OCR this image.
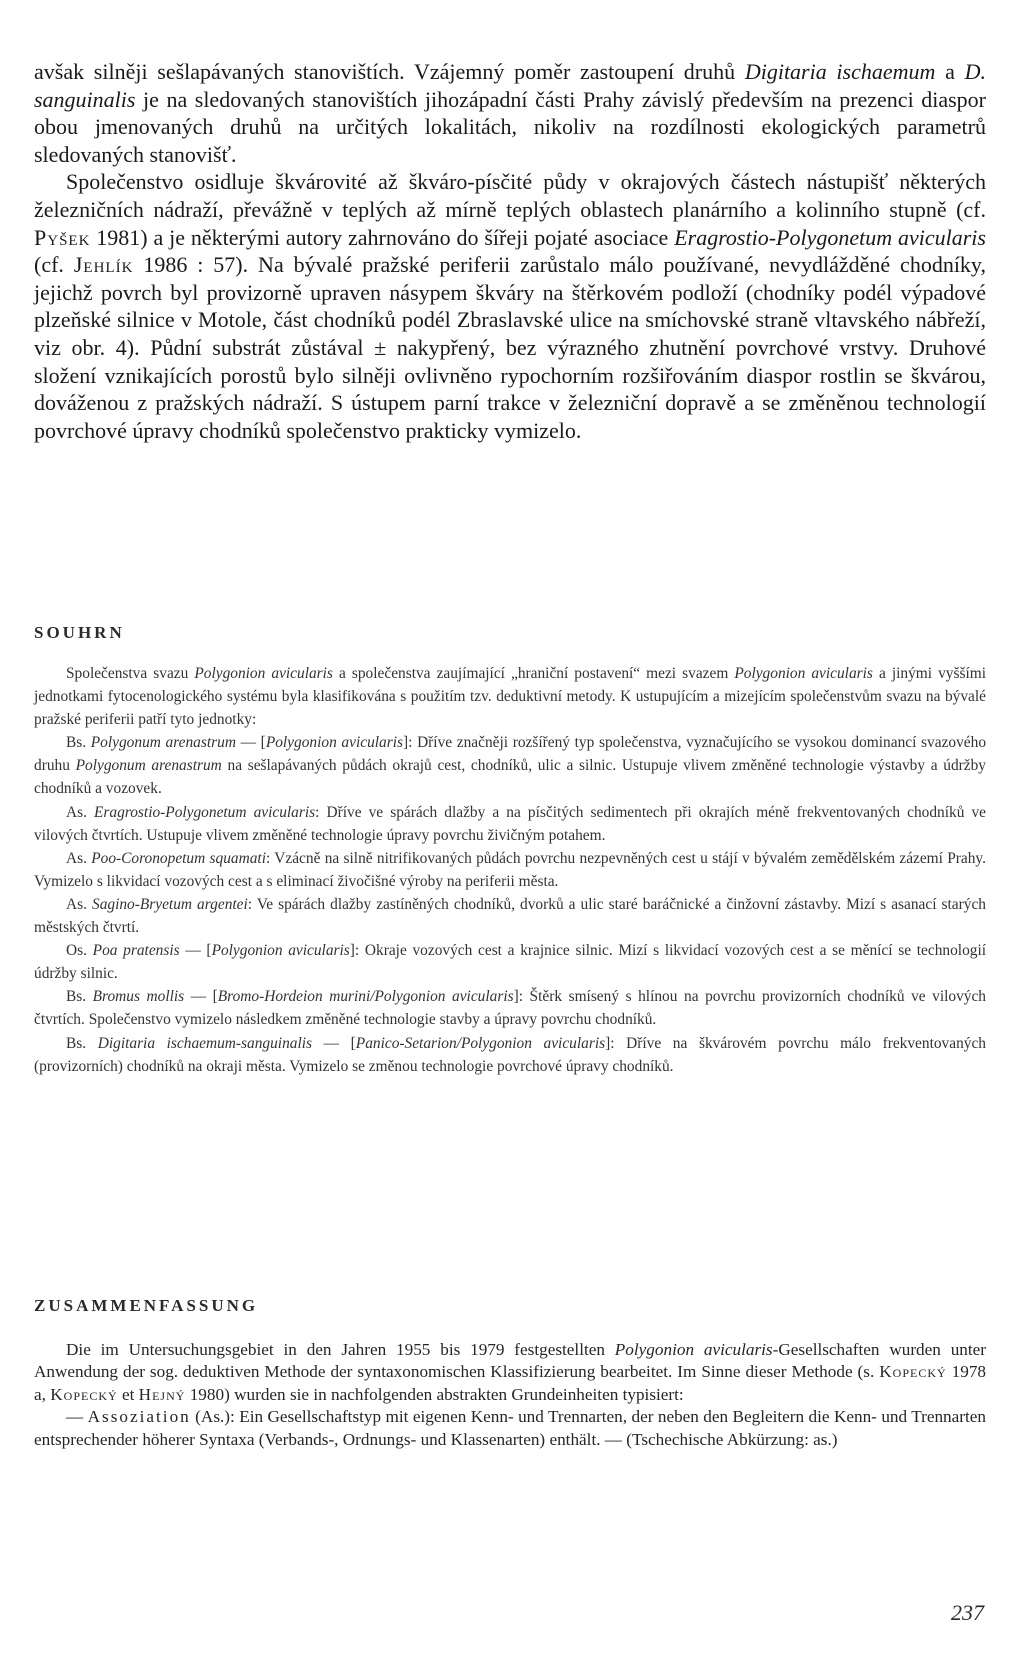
avšak silněji sešlapávaných stanovištích. Vzájemný poměr zastoupení druhů Digitaria ischaemum a D. sanguinalis je na sledovaných stanovištích jihozápadní části Prahy závislý především na prezenci diaspor obou jmenovaných druhů na určitých lokalitách, nikoliv na rozdílnosti ekologických parametrů sledovaných stanovišť.

Společenstvo osidluje škvárovité až škváro-písčité půdy v okrajových částech nástupišť některých železničních nádraží, převážně v teplých až mírně teplých oblastech planárního a kolinního stupně (cf. Pyšek 1981) a je některými autory zahrnováno do šířeji pojaté asociace Eragrostio-Polygonetum avicularis (cf. Jehlík 1986 : 57). Na bývalé pražské periferii zarůstalo málo používané, nevydlážděné chodníky, jejichž povrch byl provizorně upraven násypem škváry na štěrkovém podloží (chodníky podél výpadové plzeňské silnice v Motole, část chodníků podél Zbraslavské ulice na smíchovské straně vltavského nábřeží, viz obr. 4). Půdní substrát zůstával ± nakypřený, bez výrazného zhutnění povrchové vrstvy. Druhové složení vznikajících porostů bylo silněji ovlivněno rypochorním rozšiřováním diaspor rostlin se škvárou, dováženou z pražských nádraží. S ústupem parní trakce v železniční dopravě a se změněnou technologií povrchové úpravy chodníků společenstvo prakticky vymizelo.

SOUHRN

Společenstva svazu Polygonion avicularis a společenstva zaujímající „hraniční postavení“ mezi svazem Polygonion avicularis a jinými vyššími jednotkami fytocenologického systému byla klasifikována s použitím tzv. deduktivní metody. K ustupujícím a mizejícím společenstvům svazu na bývalé pražské periferii patří tyto jednotky:

Bs. Polygonum arenastrum — [Polygonion avicularis]: Dříve značněji rozšířený typ společenstva, vyznačujícího se vysokou dominancí svazového druhu Polygonum arenastrum na sešlapávaných půdách okrajů cest, chodníků, ulic a silnic. Ustupuje vlivem změněné technologie výstavby a údržby chodníků a vozovek.

As. Eragrostio-Polygonetum avicularis: Dříve ve spárách dlažby a na písčitých sedimentech při okrajích méně frekventovaných chodníků ve vilových čtvrtích. Ustupuje vlivem změněné technologie úpravy povrchu živičným potahem.

As. Poo-Coronopetum squamati: Vzácně na silně nitrifikovaných půdách povrchu nezpevněných cest u stájí v bývalém zemědělském zázemí Prahy. Vymizelo s likvidací vozových cest a s eliminací živočišné výroby na periferii města.

As. Sagino-Bryetum argentei: Ve spárách dlažby zastíněných chodníků, dvorků a ulic staré baráčnické a činžovní zástavby. Mizí s asanací starých městských čtvrtí.

Os. Poa pratensis — [Polygonion avicularis]: Okraje vozových cest a krajnice silnic. Mizí s likvidací vozových cest a se měnící se technologií údržby silnic.

Bs. Bromus mollis — [Bromo-Hordeion murini/Polygonion avicularis]: Štěrk smísený s hlínou na povrchu provizorních chodníků ve vilových čtvrtích. Společenstvo vymizelo následkem změněné technologie stavby a úpravy povrchu chodníků.

Bs. Digitaria ischaemum-sanguinalis — [Panico-Setarion/Polygonion avicularis]: Dříve na škvárovém povrchu málo frekventovaných (provizorních) chodníků na okraji města. Vymizelo se změnou technologie povrchové úpravy chodníků.

ZUSAMMENFASSUNG

Die im Untersuchungsgebiet in den Jahren 1955 bis 1979 festgestellten Polygonion avicularis-Gesellschaften wurden unter Anwendung der sog. deduktiven Methode der syntaxonomischen Klassifizierung bearbeitet. Im Sinne dieser Methode (s. Kopecký 1978 a, Kopecký et Hejný 1980) wurden sie in nachfolgenden abstrakten Grundeinheiten typisiert:

— Assoziation (As.): Ein Gesellschaftstyp mit eigenen Kenn- und Trennarten, der neben den Begleitern die Kenn- und Trennarten entsprechender höherer Syntaxa (Verbands-, Ordnungs- und Klassenarten) enthält. — (Tschechische Abkürzung: as.)

237
